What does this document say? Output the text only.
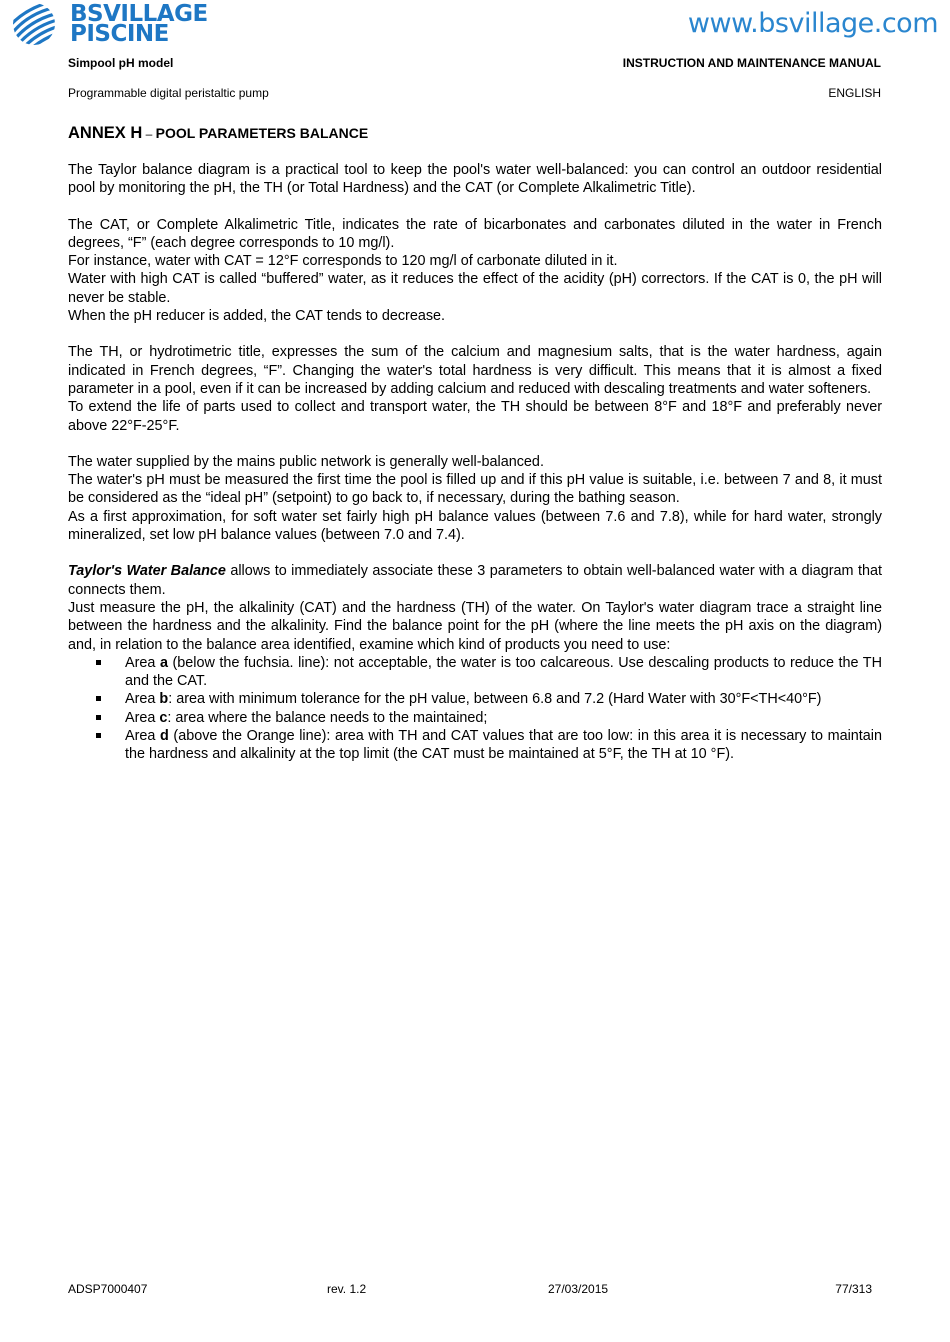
BSVILLAGE
PISCINE	www.bsvillage.com
Simpool pH model	INSTRUCTION AND MAINTENANCE MANUAL
Programmable digital peristaltic pump	ENGLISH
ANNEX H – POOL PARAMETERS BALANCE

The Taylor balance diagram is a practical tool to keep the pool's water well-balanced: you can control an outdoor residential pool by monitoring the pH, the TH (or Total Hardness) and the CAT (or Complete Alkalimetric Title).

The CAT, or Complete Alkalimetric Title, indicates the rate of bicarbonates and carbonates diluted in the water in French degrees, “F” (each degree corresponds to 10 mg/l).

For instance, water with CAT = 12°F corresponds to 120 mg/l of carbonate diluted in it.

Water with high CAT is called “buffered” water, as it reduces the effect of the acidity (pH) correctors. If the CAT is 0, the pH will never be stable.

When the pH reducer is added, the CAT tends to decrease.

The TH, or hydrotimetric title, expresses the sum of the calcium and magnesium salts, that is the water hardness, again indicated in French degrees, “F”. Changing the water's total hardness is very difficult. This means that it is almost a fixed parameter in a pool, even if it can be increased by adding calcium and reduced with descaling treatments and water softeners.

To extend the life of parts used to collect and transport water, the TH should be between 8°F and 18°F and preferably never above 22°F-25°F.

The water supplied by the mains public network is generally well-balanced.

The water's pH must be measured the first time the pool is filled up and if this pH value is suitable, i.e. between 7 and 8, it must be considered as the “ideal pH” (setpoint) to go back to, if necessary, during the bathing season.

As a first approximation, for soft water set fairly high pH balance values (between 7.6 and 7.8), while for hard water, strongly mineralized, set low pH balance values (between 7.0 and 7.4).

Taylor's Water Balance allows to immediately associate these 3 parameters to obtain well-balanced water with a diagram that connects them.

Just measure the pH, the alkalinity (CAT) and the hardness (TH) of the water. On Taylor's water diagram trace a straight line between the hardness and the alkalinity. Find the balance point for the pH (where the line meets the pH axis on the diagram) and, in relation to the balance area identified, examine which kind of products you need to use:

Area a (below the fuchsia. line): not acceptable, the water is too calcareous. Use descaling products to reduce the TH and the CAT.
Area b: area with minimum tolerance for the pH value, between 6.8 and 7.2 (Hard Water with 30°F<TH<40°F)
Area c: area where the balance needs to the maintained;
Area d (above the Orange line): area with TH and CAT values that are too low: in this area it is necessary to maintain the hardness and alkalinity at the top limit (the CAT must be maintained at 5°F, the TH at 10 °F).
ADSP7000407	rev. 1.2	27/03/2015	77/313
